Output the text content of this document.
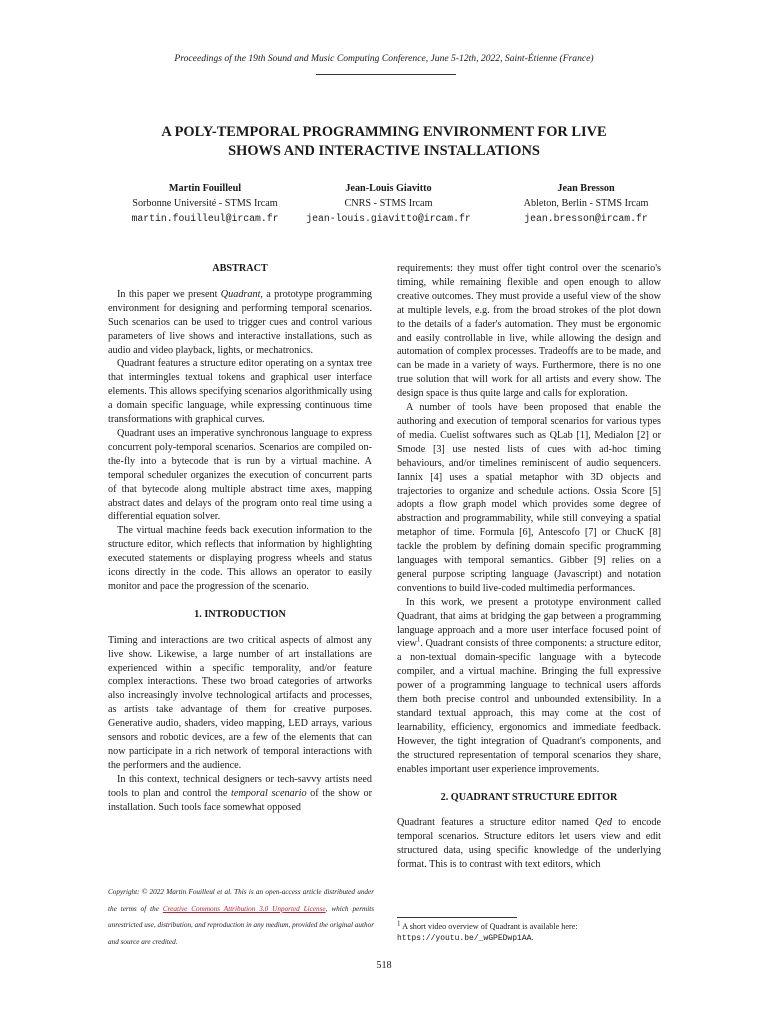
Proceedings of the 19th Sound and Music Computing Conference, June 5-12th, 2022, Saint-Étienne (France)
A POLY-TEMPORAL PROGRAMMING ENVIRONMENT FOR LIVE
SHOWS AND INTERACTIVE INSTALLATIONS
Martin Fouilleul
Sorbonne Université - STMS Ircam
martin.fouilleul@ircam.fr
Jean-Louis Giavitto
CNRS - STMS Ircam
jean-louis.giavitto@ircam.fr
Jean Bresson
Ableton, Berlin - STMS Ircam
jean.bresson@ircam.fr
ABSTRACT

In this paper we present Quadrant, a prototype programming environment for designing and performing temporal scenarios. Such scenarios can be used to trigger cues and control various parameters of live shows and interactive installations, such as audio and video playback, lights, or mechatronics.

Quadrant features a structure editor operating on a syntax tree that intermingles textual tokens and graphical user interface elements. This allows specifying scenarios algorithmically using a domain specific language, while expressing continuous time transformations with graphical curves.

Quadrant uses an imperative synchronous language to express concurrent poly-temporal scenarios. Scenarios are compiled on-the-fly into a bytecode that is run by a virtual machine. A temporal scheduler organizes the execution of concurrent parts of that bytecode along multiple abstract time axes, mapping abstract dates and delays of the program onto real time using a differential equation solver.

The virtual machine feeds back execution information to the structure editor, which reflects that information by highlighting executed statements or displaying progress wheels and status icons directly in the code. This allows an operator to easily monitor and pace the progression of the scenario.

1. INTRODUCTION

Timing and interactions are two critical aspects of almost any live show. Likewise, a large number of art installations are experienced within a specific temporality, and/or feature complex interactions. These two broad categories of artworks also increasingly involve technological artifacts and processes, as artists take advantage of them for creative purposes. Generative audio, shaders, video mapping, LED arrays, various sensors and robotic devices, are a few of the elements that can now participate in a rich network of temporal interactions with the performers and the audience.

In this context, technical designers or tech-savvy artists need tools to plan and control the temporal scenario of the show or installation. Such tools face somewhat opposed

Copyright: © 2022 Martin Fouilleul et al. This is an open-access article distributed under the terms of the Creative Commons Attribution 3.0 Unported License, which permits unrestricted use, distribution, and reproduction in any medium, provided the original author and source are credited.

requirements: they must offer tight control over the scenario's timing, while remaining flexible and open enough to allow creative outcomes. They must provide a useful view of the show at multiple levels, e.g. from the broad strokes of the plot down to the details of a fader's automation. They must be ergonomic and easily controllable in live, while allowing the design and automation of complex processes. Tradeoffs are to be made, and can be made in a variety of ways. Furthermore, there is no one true solution that will work for all artists and every show. The design space is thus quite large and calls for exploration.

A number of tools have been proposed that enable the authoring and execution of temporal scenarios for various types of media. Cuelist softwares such as QLab [1], Medialon [2] or Smode [3] use nested lists of cues with ad-hoc timing behaviours, and/or timelines reminiscent of audio sequencers. Iannix [4] uses a spatial metaphor with 3D objects and trajectories to organize and schedule actions. Ossia Score [5] adopts a flow graph model which provides some degree of abstraction and programmability, while still conveying a spatial metaphor of time. Formula [6], Antescofo [7] or ChucK [8] tackle the problem by defining domain specific programming languages with temporal semantics. Gibber [9] relies on a general purpose scripting language (Javascript) and notation conventions to build live-coded multimedia performances.

In this work, we present a prototype environment called Quadrant, that aims at bridging the gap between a programming language approach and a more user interface focused point of view$^1$. Quadrant consists of three components: a structure editor, a non-textual domain-specific language with a bytecode compiler, and a virtual machine. Bringing the full expressive power of a programming language to technical users affords them both precise control and unbounded extensibility. In a standard textual approach, this may come at the cost of learnability, efficiency, ergonomics and immediate feedback. However, the tight integration of Quadrant's components, and the structured representation of temporal scenarios they share, enables important user experience improvements.

2. QUADRANT STRUCTURE EDITOR

Quadrant features a structure editor named Qed to encode temporal scenarios. Structure editors let users view and edit structured data, using specific knowledge of the underlying format. This is to contrast with text editors, which

$^1$ A short video overview of Quadrant is available here: https://youtu.be/_wGPEDwp1AA.
518
